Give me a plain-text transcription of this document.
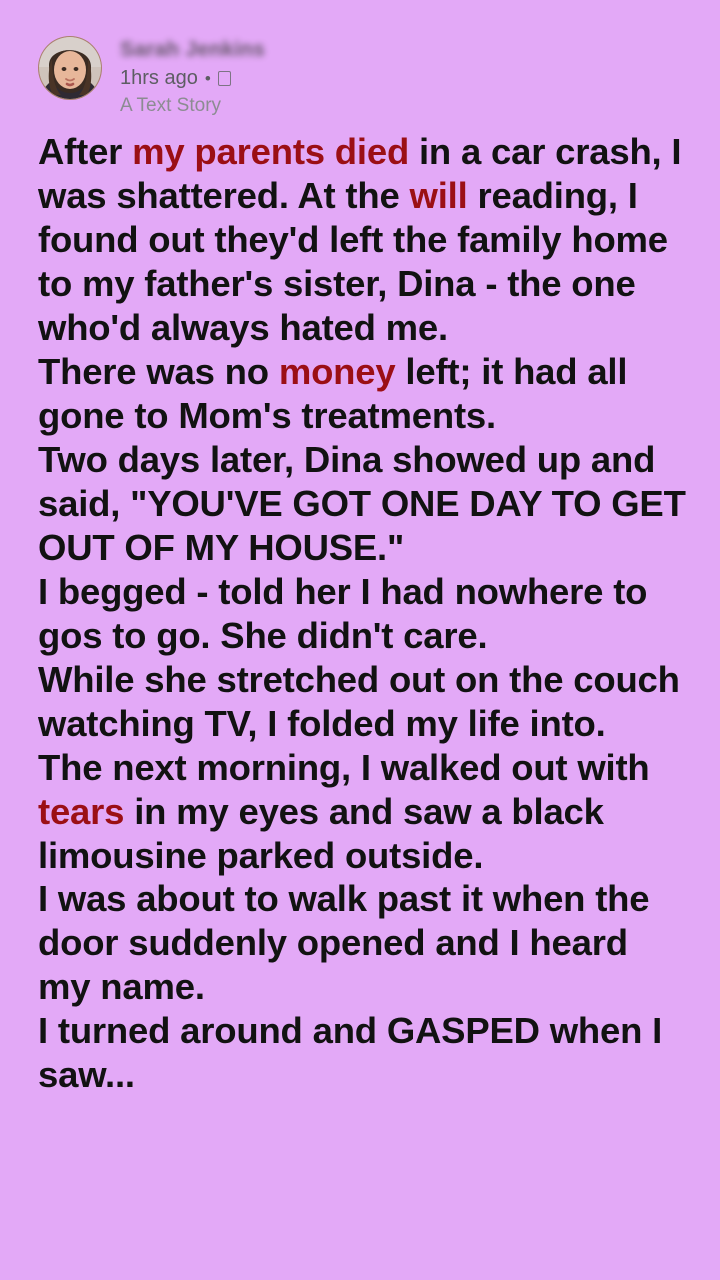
Sarah Jenkins
1hrs ago •
A Text Story

After my parents died in a car crash, I was shattered. At the will reading, I found out they'd left the family home to my father's sister, Dina - the one who'd always hated me.

There was no money left; it had all gone to Mom's treatments.

Two days later, Dina showed up and said, "YOU'VE GOT ONE DAY TO GET OUT OF MY HOUSE."

I begged - told her I had nowhere to gos to go. She didn't care.

While she stretched out on the couch watching TV, I folded my life into.

The next morning, I walked out with tears in my eyes and saw a black limousine parked outside.

I was about to walk past it when the door suddenly opened and I heard my name.

I turned around and GASPED when I saw...
